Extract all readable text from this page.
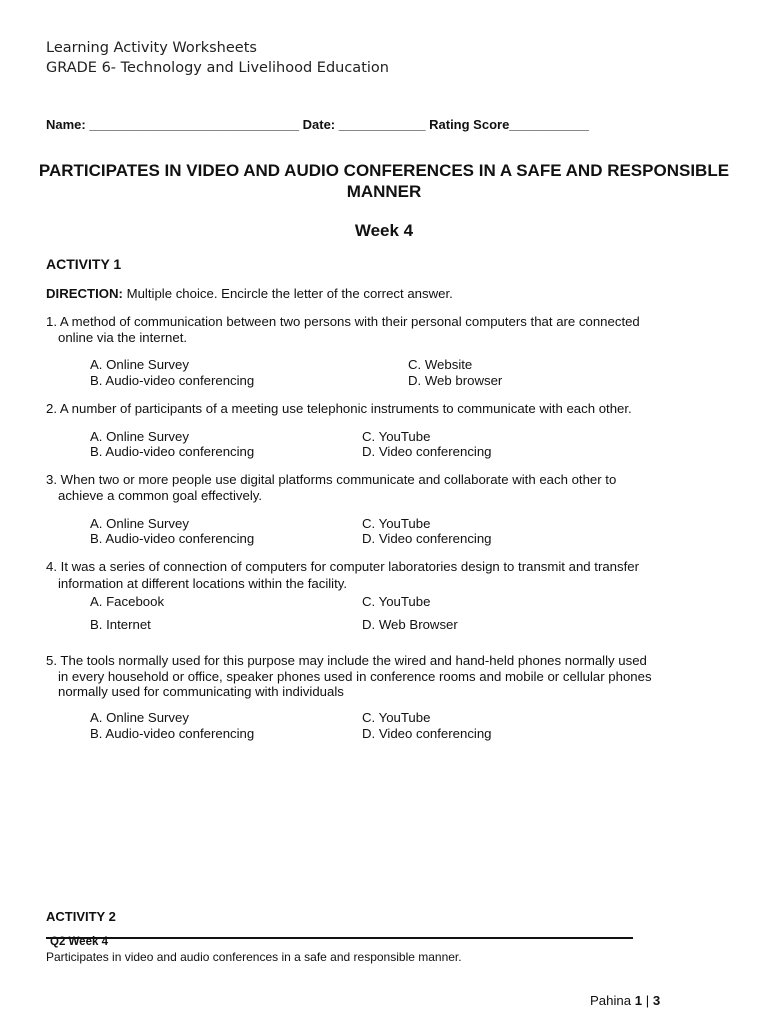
Learning Activity Worksheets
GRADE 6- Technology and Livelihood Education
Name: _____________________________ Date: ____________ Rating Score___________
PARTICIPATES IN VIDEO AND AUDIO CONFERENCES IN A SAFE AND RESPONSIBLE MANNER
Week 4
ACTIVITY 1
DIRECTION: Multiple choice. Encircle the letter of the correct answer.
1. A method of communication between two persons with their personal computers that are connected
online via the internet.
A. Online Survey
B. Audio-video conferencing
C. Website
D. Web browser
2. A number of participants of a meeting use telephonic instruments to communicate with each other.
A. Online Survey
B. Audio-video conferencing
C. YouTube
D. Video conferencing
3. When two or more people use digital platforms communicate and collaborate with each other to
achieve a common goal effectively.
A. Online Survey
B. Audio-video conferencing
C. YouTube
D. Video conferencing
4. It was a series of connection of computers for computer laboratories design to transmit and transfer
information at different locations within the facility.
A. Facebook
B. Internet
C. YouTube
D. Web Browser
5. The tools normally used for this purpose may include the wired and hand-held phones normally used
in every household or office, speaker phones used in conference rooms and mobile or cellular phones
normally used for communicating with individuals
A. Online Survey
B. Audio-video conferencing
C. YouTube
D. Video conferencing
ACTIVITY 2
Q2 Week 4
Participates in video and audio conferences in a safe and responsible manner.
Pahina 1 | 3
